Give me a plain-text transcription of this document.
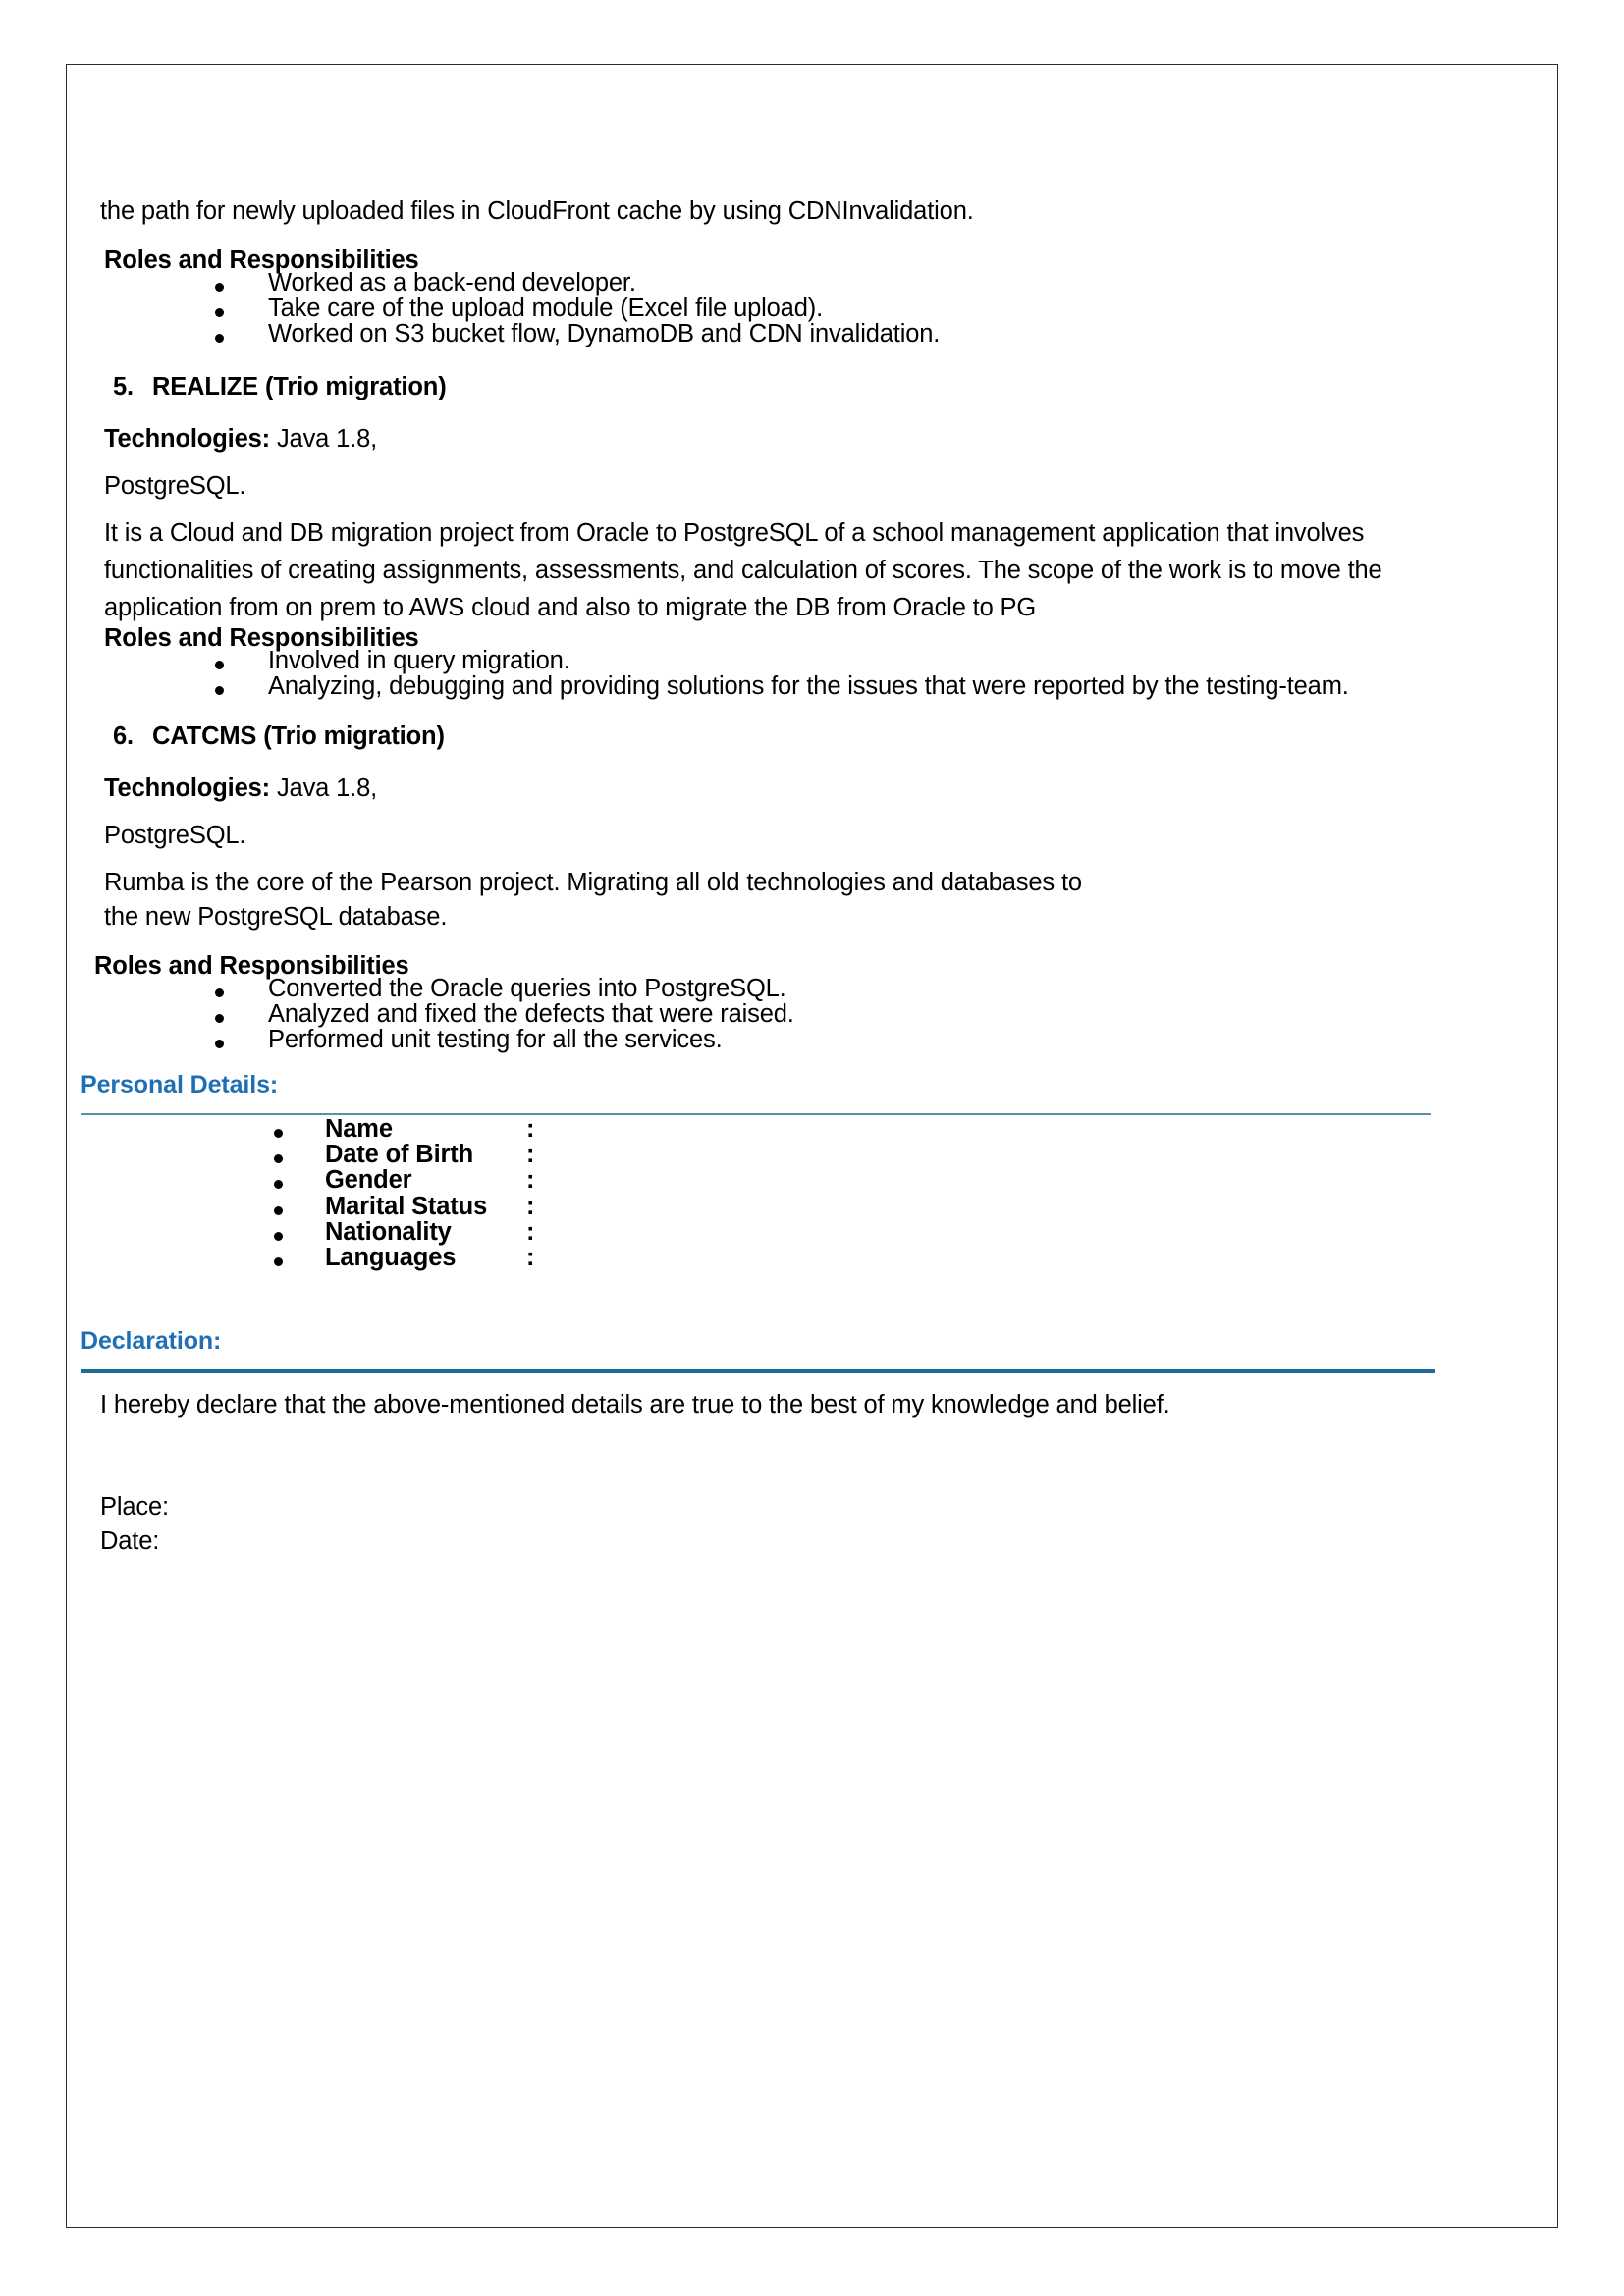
the path for newly uploaded files in CloudFront cache by using CDNInvalidation.
Roles and Responsibilities
Worked as a back-end developer.
Take care of the upload module (Excel file upload).
Worked on S3 bucket flow, DynamoDB and CDN invalidation.
5. REALIZE (Trio migration)
Technologies: Java 1.8,
PostgreSQL.
It is a Cloud and DB migration project from Oracle to PostgreSQL of a school management application that involves functionalities of creating assignments, assessments, and calculation of scores. The scope of the work is to move the application from on prem to AWS cloud and also to migrate the DB from Oracle to PG
Roles and Responsibilities
Involved in query migration.
Analyzing, debugging and providing solutions for the issues that were reported by the testing-team.
6. CATCMS (Trio migration)
Technologies: Java 1.8,
PostgreSQL.
Rumba is the core of the Pearson project. Migrating all old technologies and databases to
the new PostgreSQL database.
Roles and Responsibilities
Converted the Oracle queries into PostgreSQL.
Analyzed and fixed the defects that were raised.
Performed unit testing for all the services.
Personal Details:
Name	:
Date of Birth :
Gender	:
Marital Status :
Nationality	:
Languages	:
Declaration:
I hereby declare that the above-mentioned details are true to the best of my knowledge and belief.
Place:
Date:
